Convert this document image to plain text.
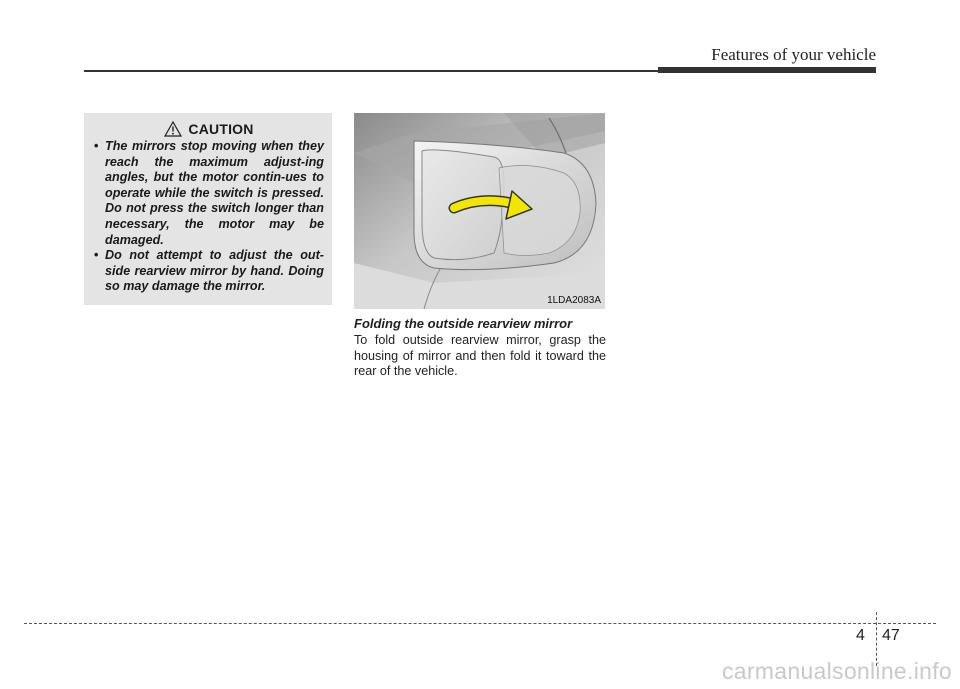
Features of your vehicle
CAUTION
• The mirrors stop moving when they reach the maximum adjust-ing angles, but the motor contin-ues to operate while the switch is pressed. Do not press the switch longer than necessary, the motor may be damaged.
• Do not attempt to adjust the out-side rearview mirror by hand. Doing so may damage the mirror.
1LDA2083A
Folding the outside rearview mirror

To fold outside rearview mirror, grasp the housing of mirror and then fold it toward the rear of the vehicle.

4 47
carmanualsonline.info
